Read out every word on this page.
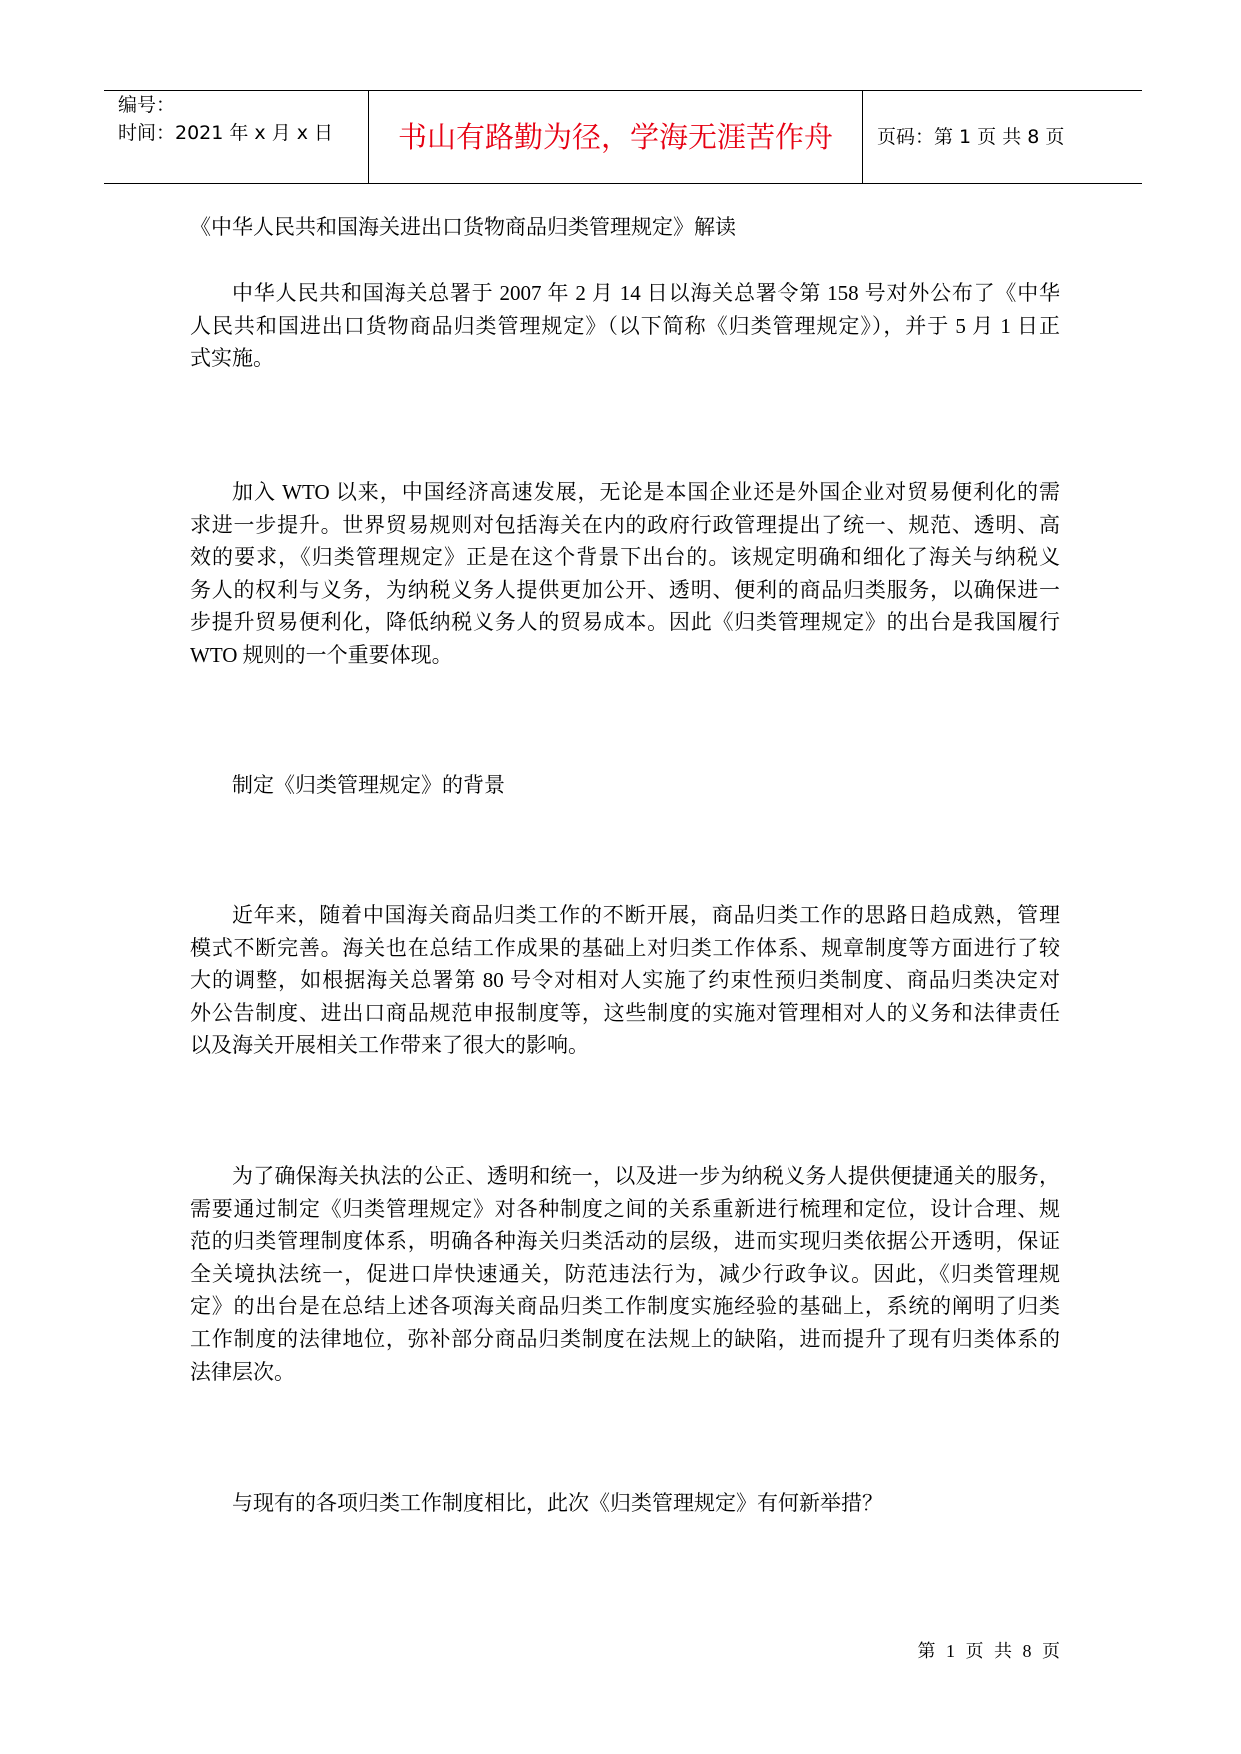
编号：
时间：2021 年 x 月 x 日	书山有路勤为径，学海无涯苦作舟	页码：第 1 页 共 8 页
《中华人民共和国海关进出口货物商品归类管理规定》解读
中华人民共和国海关总署于 2007 年 2 月 14 日以海关总署令第 158 号对外公布了《中华
人民共和国进出口货物商品归类管理规定》（以下简称《归类管理规定》），并于 5 月 1 日正
式实施。
加入 WTO 以来，中国经济高速发展，无论是本国企业还是外国企业对贸易便利化的需
求进一步提升。世界贸易规则对包括海关在内的政府行政管理提出了统一、规范、透明、高
效的要求，《归类管理规定》正是在这个背景下出台的。该规定明确和细化了海关与纳税义
务人的权利与义务，为纳税义务人提供更加公开、透明、便利的商品归类服务，以确保进一
步提升贸易便利化，降低纳税义务人的贸易成本。因此《归类管理规定》的出台是我国履行
WTO 规则的一个重要体现。
制定《归类管理规定》的背景
近年来，随着中国海关商品归类工作的不断开展，商品归类工作的思路日趋成熟，管理
模式不断完善。海关也在总结工作成果的基础上对归类工作体系、规章制度等方面进行了较
大的调整，如根据海关总署第 80 号令对相对人实施了约束性预归类制度、商品归类决定对
外公告制度、进出口商品规范申报制度等，这些制度的实施对管理相对人的义务和法律责任
以及海关开展相关工作带来了很大的影响。
为了确保海关执法的公正、透明和统一，以及进一步为纳税义务人提供便捷通关的服务，
需要通过制定《归类管理规定》对各种制度之间的关系重新进行梳理和定位，设计合理、规
范的归类管理制度体系，明确各种海关归类活动的层级，进而实现归类依据公开透明，保证
全关境执法统一，促进口岸快速通关，防范违法行为，减少行政争议。因此，《归类管理规
定》的出台是在总结上述各项海关商品归类工作制度实施经验的基础上，系统的阐明了归类
工作制度的法律地位，弥补部分商品归类制度在法规上的缺陷，进而提升了现有归类体系的
法律层次。
与现有的各项归类工作制度相比，此次《归类管理规定》有何新举措？
第 1 页 共 8 页
